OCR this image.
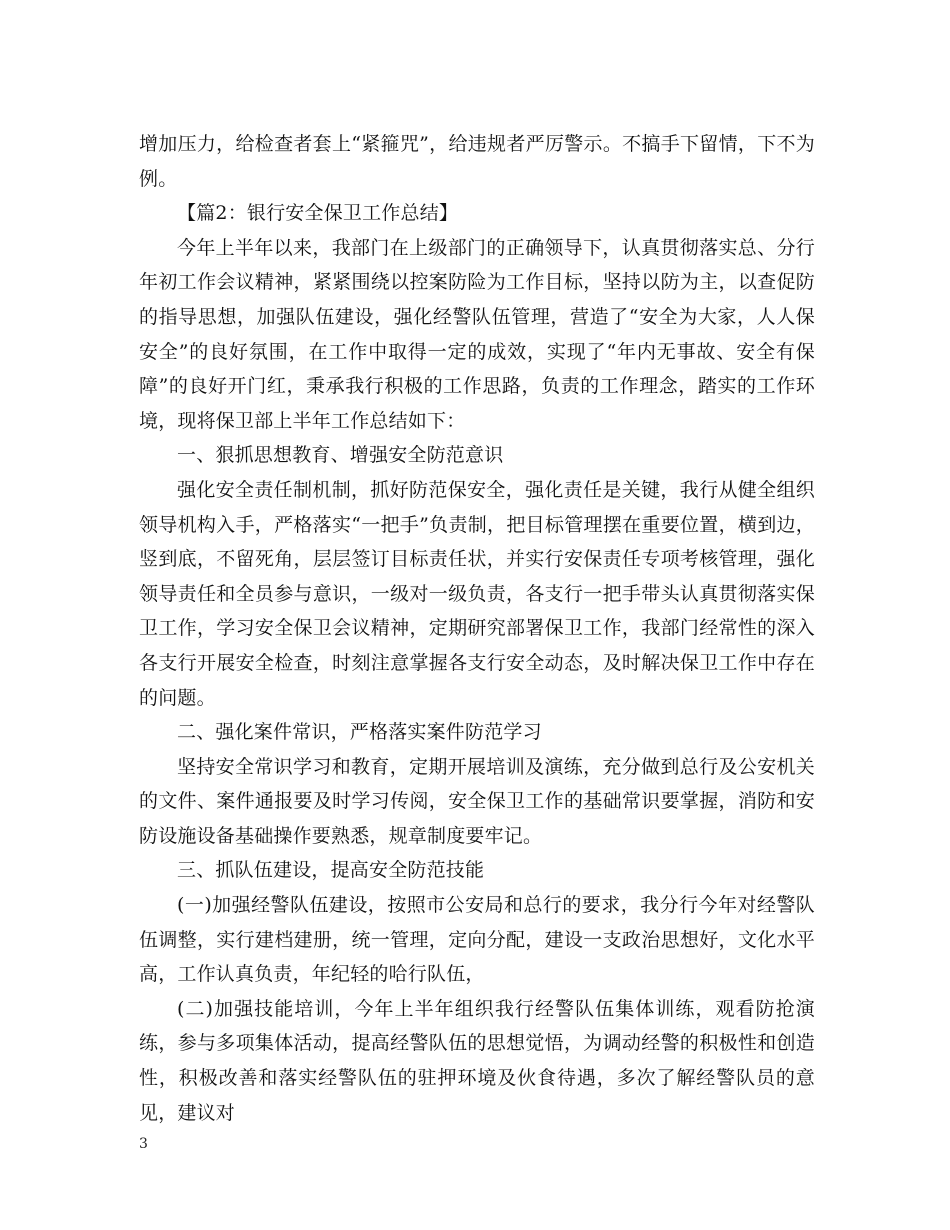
增加压力，给检查者套上“紧箍咒”，给违规者严厉警示。不搞手下留情，下不为例。

【篇2：银行安全保卫工作总结】

今年上半年以来，我部门在上级部门的正确领导下，认真贯彻落实总、分行年初工作会议精神，紧紧围绕以控案防险为工作目标，坚持以防为主，以查促防的指导思想，加强队伍建设，强化经警队伍管理，营造了“安全为大家，人人保安全”的良好氛围，在工作中取得一定的成效，实现了“年内无事故、安全有保障”的良好开门红，秉承我行积极的工作思路，负责的工作理念，踏实的工作环境，现将保卫部上半年工作总结如下：

一、狠抓思想教育、增强安全防范意识

强化安全责任制机制，抓好防范保安全，强化责任是关键，我行从健全组织领导机构入手，严格落实“一把手”负责制，把目标管理摆在重要位置，横到边，竖到底，不留死角，层层签订目标责任状，并实行安保责任专项考核管理，强化领导责任和全员参与意识，一级对一级负责，各支行一把手带头认真贯彻落实保卫工作，学习安全保卫会议精神，定期研究部署保卫工作，我部门经常性的深入各支行开展安全检查，时刻注意掌握各支行安全动态，及时解决保卫工作中存在的问题。

二、强化案件常识，严格落实案件防范学习

坚持安全常识学习和教育，定期开展培训及演练，充分做到总行及公安机关的文件、案件通报要及时学习传阅，安全保卫工作的基础常识要掌握，消防和安防设施设备基础操作要熟悉，规章制度要牢记。

三、抓队伍建设，提高安全防范技能

(一)加强经警队伍建设，按照市公安局和总行的要求，我分行今年对经警队伍调整，实行建档建册，统一管理，定向分配，建设一支政治思想好，文化水平高，工作认真负责，年纪轻的哈行队伍，

(二)加强技能培训，今年上半年组织我行经警队伍集体训练，观看防抢演练，参与多项集体活动，提高经警队伍的思想觉悟，为调动经警的积极性和创造性，积极改善和落实经警队伍的驻押环境及伙食待遇，多次了解经警队员的意见，建议对

3
